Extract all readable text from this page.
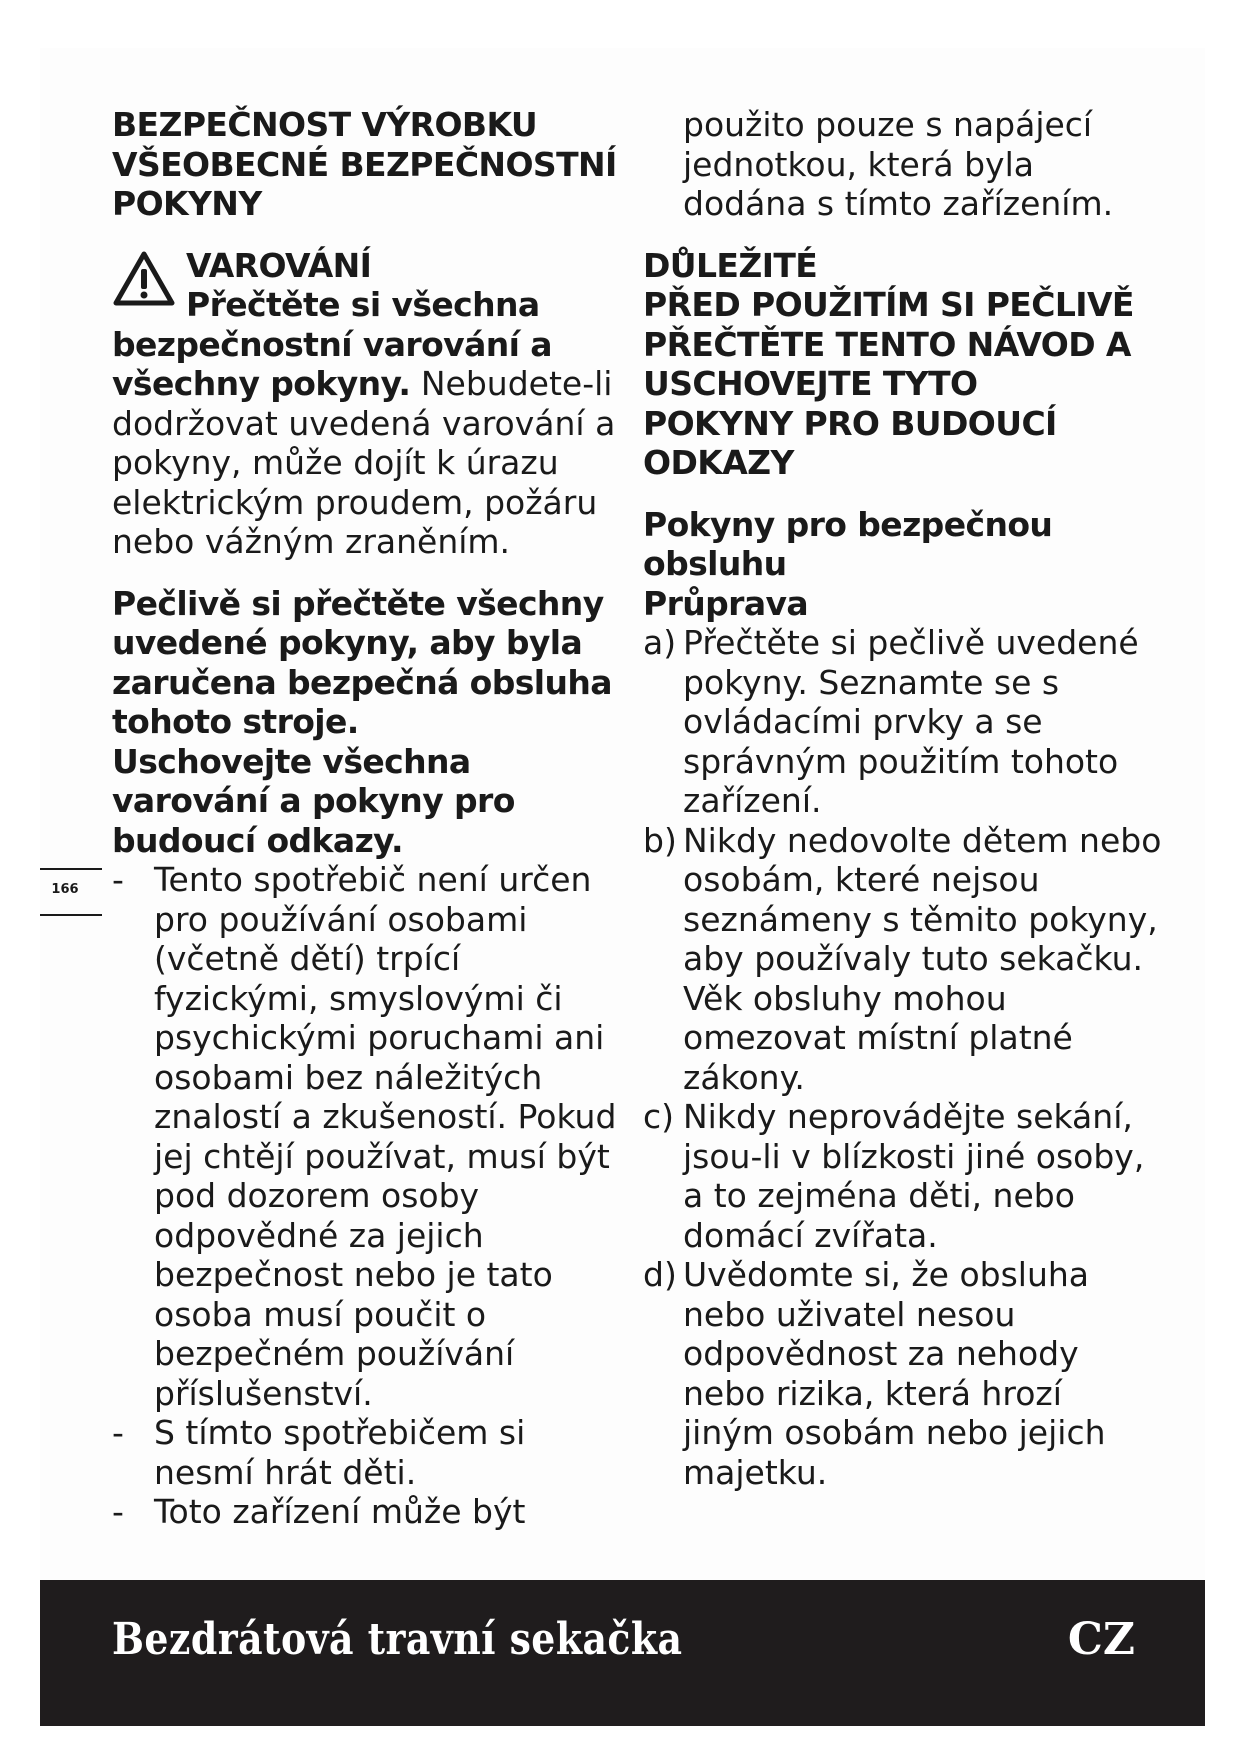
BEZPEČNOST VÝROBKU
VŠEOBECNÉ BEZPEČNOSTNÍ
POKYNY

VAROVÁNÍ

Přečtěte si všechna bezpečnostní varování a všechny pokyny. Nebudete-li dodržovat uvedená varování a pokyny, může dojít k úrazu elektrickým proudem, požáru nebo vážným zraněním.

Pečlivě si přečtěte všechny uvedené pokyny, aby byla zaručena bezpečná obsluha tohoto stroje.

Uschovejte všechna varování a pokyny pro budoucí odkazy.

- Tento spotřebič není určen pro používání osobami (včetně dětí) trpící fyzickými, smyslovými či psychickými poruchami ani osobami bez náležitých znalostí a zkušeností. Pokud jej chtějí používat, musí být pod dozorem osoby odpovědné za jejich bezpečnost nebo je tato osoba musí poučit o bezpečném používání příslušenství.

- S tímto spotřebičem si nesmí hrát děti.

- Toto zařízení může být

použito pouze s napájecí jednotkou, která byla dodána s tímto zařízením.

DŮLEŽITÉ
PŘED POUŽITÍM SI PEČLIVĚ
PŘEČTĚTE TENTO NÁVOD A
USCHOVEJTE TYTO
POKYNY PRO BUDOUCÍ
ODKAZY

Pokyny pro bezpečnou
obsluhu
Průprava

a) Přečtěte si pečlivě uvedené pokyny. Seznamte se s ovládacími prvky a se správným použitím tohoto zařízení.

b) Nikdy nedovolte dětem nebo osobám, které nejsou seznámeny s těmito pokyny, aby používaly tuto sekačku. Věk obsluhy mohou omezovat místní platné zákony.

c) Nikdy neprovádějte sekání, jsou-li v blízkosti jiné osoby, a to zejména děti, nebo domácí zvířata.

d) Uvědomte si, že obsluha nebo uživatel nesou odpovědnost za nehody nebo rizika, která hrozí jiným osobám nebo jejich majetku.

166
Bezdrátová travní sekačka	CZ
